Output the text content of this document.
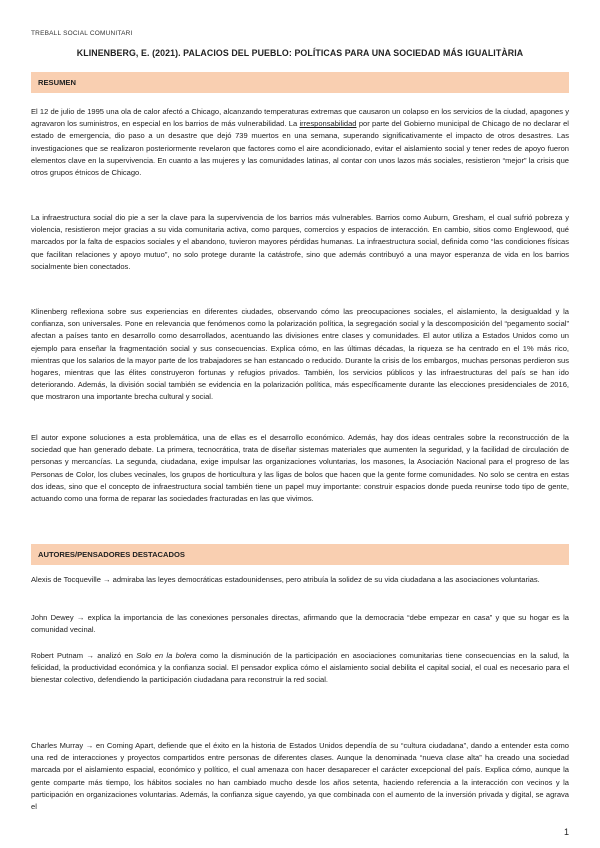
TREBALL SOCIAL COMUNITARI
KLINENBERG, E. (2021). PALACIOS DEL PUEBLO: POLÍTICAS PARA UNA SOCIEDAD MÁS IGUALITÀRIA
RESUMEN

El 12 de julio de 1995 una ola de calor afectó a Chicago, alcanzando temperaturas extremas que causaron un colapso en los servicios de la ciudad, apagones y agravaron los suministros, en especial en los barrios de más vulnerabilidad. La irresponsabilidad por parte del Gobierno municipal de Chicago de no declarar el estado de emergencia, dio paso a un desastre que dejó 739 muertos en una semana, superando significativamente el impacto de otros desastres. Las investigaciones que se realizaron posteriormente revelaron que factores como el aire acondicionado, evitar el aislamiento social y tener redes de apoyo fueron elementos clave en la supervivencia. En cuanto a las mujeres y las comunidades latinas, al contar con unos lazos más sociales, resistieron “mejor” la crisis que otros grupos étnicos de Chicago.

La infraestructura social dio pie a ser la clave para la supervivencia de los barrios más vulnerables. Barrios como Auburn, Gresham, el cual sufrió pobreza y violencia, resistieron mejor gracias a su vida comunitaria activa, como parques, comercios y espacios de interacción. En cambio, sitios como Englewood, qué marcados por la falta de espacios sociales y el abandono, tuvieron mayores pérdidas humanas. La infraestructura social, definida como “las condiciones físicas que facilitan relaciones y apoyo mutuo”, no solo protege durante la catástrofe, sino que además contribuyó a una mayor esperanza de vida en los barrios socialmente bien conectados.

Klinenberg reflexiona sobre sus experiencias en diferentes ciudades, observando cómo las preocupaciones sociales, el aislamiento, la desigualdad y la confianza, son universales. Pone en relevancia que fenómenos como la polarización política, la segregación social y la descomposición del “pegamento social” afectan a países tanto en desarrollo como desarrollados, acentuando las divisiones entre clases y comunidades. El autor utiliza a Estados Unidos como un ejemplo para enseñar la fragmentación social y sus consecuencias. Explica cómo, en las últimas décadas, la riqueza se ha centrado en el 1% más rico, mientras que los salarios de la mayor parte de los trabajadores se han estancado o reducido. Durante la crisis de los embargos, muchas personas perdieron sus hogares, mientras que las élites construyeron fortunas y refugios privados. También, los servicios públicos y las infraestructuras del país se han ido deteriorando. Además, la división social también se evidencia en la polarización política, más específicamente durante las elecciones presidenciales de 2016, que mostraron una importante brecha cultural y social.

El autor expone soluciones a esta problemática, una de ellas es el desarrollo económico. Además, hay dos ideas centrales sobre la reconstrucción de la sociedad que han generado debate. La primera, tecnocrática, trata de diseñar sistemas materiales que aumenten la seguridad, y la facilidad de circulación de personas y mercancías. La segunda, ciudadana, exige impulsar las organizaciones voluntarias, los masones, la Asociación Nacional para el progreso de las Personas de Color, los clubes vecinales, los grupos de horticultura y las ligas de bolos que hacen que la gente forme comunidades. No solo se centra en estas dos ideas, sino que el concepto de infraestructura social también tiene un papel muy importante: construir espacios donde pueda reunirse todo tipo de gente, actuando como una forma de reparar las sociedades fracturadas en las que vivimos.

AUTORES/PENSADORES DESTACADOS

Alexis de Tocqueville → admiraba las leyes democráticas estadounidenses, pero atribuía la solidez de su vida ciudadana a las asociaciones voluntarias.

John Dewey → explica la importancia de las conexiones personales directas, afirmando que la democracia “debe empezar en casa” y que su hogar es la comunidad vecinal.

Robert Putnam → analizó en Solo en la bolera como la disminución de la participación en asociaciones comunitarias tiene consecuencias en la salud, la felicidad, la productividad económica y la confianza social. El pensador explica cómo el aislamiento social debilita el capital social, el cual es necesario para el bienestar colectivo, defendiendo la participación ciudadana para reconstruir la red social.

Charles Murray → en Coming Apart, defiende que el éxito en la historia de Estados Unidos dependía de su “cultura ciudadana”, dando a entender esta como una red de interacciones y proyectos compartidos entre personas de diferentes clases. Aunque la denominada “nueva clase alta” ha creado una sociedad marcada por el aislamiento espacial, económico y político, el cual amenaza con hacer desaparecer el carácter excepcional del país. Explica cómo, aunque la gente comparte más tiempo, los hábitos sociales no han cambiado mucho desde los años setenta, haciendo referencia a la interacción con vecinos y la participación en organizaciones voluntarias. Además, la confianza sigue cayendo, ya que combinada con el aumento de la inversión privada y digital, se agrava el

1
